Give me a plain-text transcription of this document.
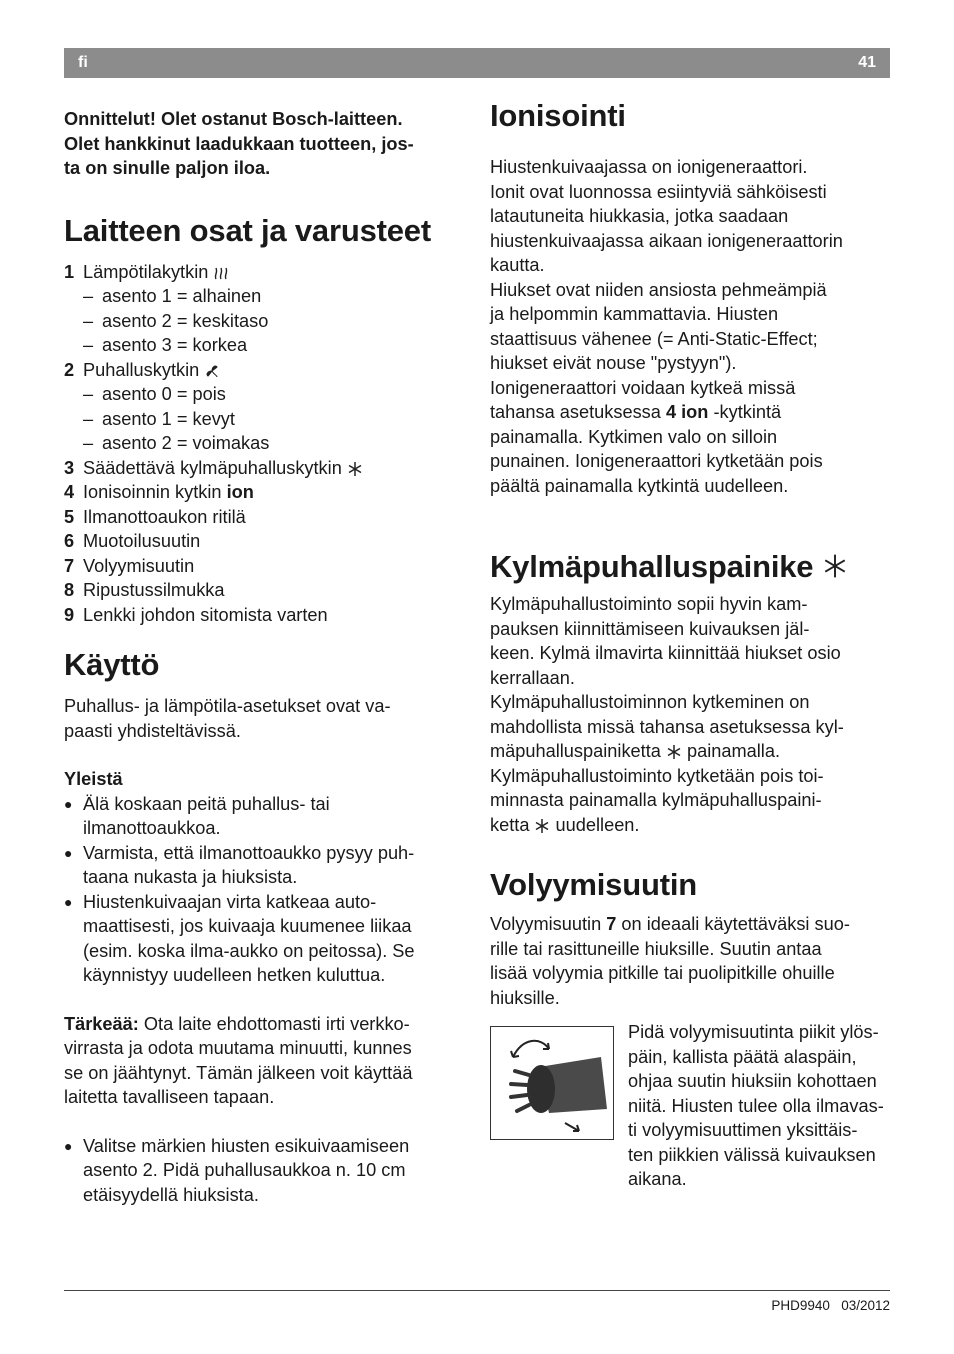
fi	41

Onnittelut! Olet ostanut Bosch-laitteen.

Olet hankkinut laadukkaan tuotteen, jos-

ta on sinulle paljon iloa.

Laitteen osat ja varusteet
1 Lämpötilakytkin
– asento 1 = alhainen
– asento 2 = keskitaso
– asento 3 = korkea
2 Puhalluskytkin
– asento 0 = pois
– asento 1 = kevyt
– asento 2 = voimakas
3 Säädettävä kylmäpuhalluskytkin
4 Ionisoinnin kytkin ion
5 Ilmanottoaukon ritilä
6 Muotoilusuutin
7 Volyymisuutin
8 Ripustussilmukka
9 Lenkki johdon sitomista varten
Käyttö

Puhallus- ja lämpötila-asetukset ovat va-

paasti yhdisteltävissä.

Yleistä

● Älä koskaan peitä puhallus- tai

ilmanottoaukkoa.

● Varmista, että ilmanottoaukko pysyy puh-

taana nukasta ja hiuksista.

● Hiustenkuivaajan virta katkeaa auto-

maattisesti, jos kuivaaja kuumenee liikaa

(esim. koska ilma-aukko on peitossa). Se

käynnistyy uudelleen hetken kuluttua.

Tärkeää: Ota laite ehdottomasti irti verkko-

virrasta ja odota muutama minuutti, kunnes

se on jäähtynyt. Tämän jälkeen voit käyttää

laitetta tavalliseen tapaan.

● Valitse märkien hiusten esikuivaamiseen

asento 2. Pidä puhallusaukkoa n. 10 cm

etäisyydellä hiuksista.

Ionisointi

Hiustenkuivaajassa on ionigeneraattori.

Ionit ovat luonnossa esiintyviä sähköisesti

latautuneita hiukkasia, jotka saadaan

hiustenkuivaajassa aikaan ionigeneraattorin

kautta.

Hiukset ovat niiden ansiosta pehmeämpiä

ja helpommin kammattavia. Hiusten

staattisuus vähenee (= Anti-Static-Effect;

hiukset eivät nouse "pystyyn").

Ionigeneraattori voidaan kytkeä missä

tahansa asetuksessa 4 ion -kytkintä

painamalla. Kytkimen valo on silloin

punainen. Ionigeneraattori kytketään pois

päältä painamalla kytkintä uudelleen.

Kylmäpuhalluspainike

Kylmäpuhallustoiminto sopii hyvin kam-

pauksen kiinnittämiseen kuivauksen jäl-

keen. Kylmä ilmavirta kiinnittää hiukset osio

kerrallaan.

Kylmäpuhallustoiminnon kytkeminen on

mahdollista missä tahansa asetuksessa kyl-

mäpuhalluspainiketta  painamalla.

Kylmäpuhallustoiminto kytketään pois toi-

minnasta painamalla kylmäpuhalluspaini-

ketta  uudelleen.

Volyymisuutin

Volyymisuutin 7 on ideaali käytettäväksi suo-

rille tai rasittuneille hiuksille. Suutin antaa

lisää volyymia pitkille tai puolipitkille ohuille

hiuksille.

Pidä volyymisuutinta piikit ylös-

päin, kallista päätä alaspäin,

ohjaa suutin hiuksiin kohottaen

niitä. Hiusten tulee olla ilmavas-

ti volyymisuuttimen yksittäis-

ten piikkien välissä kuivauksen

aikana.

PHD9940 03/2012
